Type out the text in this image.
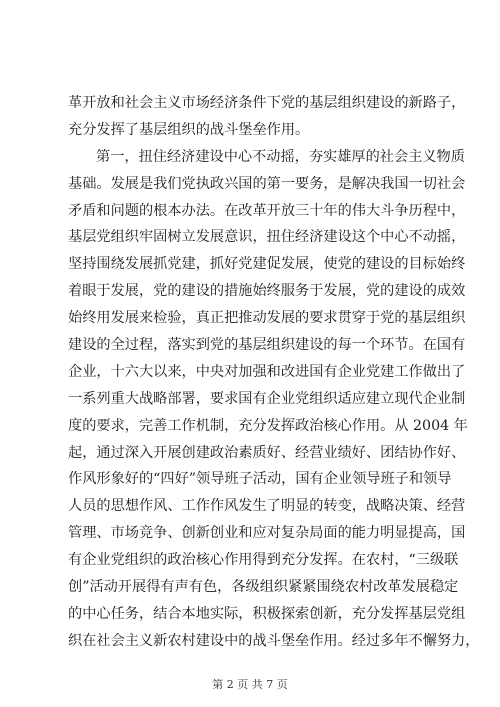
革开放和社会主义市场经济条件下党的基层组织建设的新路子，
充分发挥了基层组织的战斗堡垒作用。
第一，扭住经济建设中心不动摇，夯实雄厚的社会主义物质
基础。发展是我们党执政兴国的第一要务，是解决我国一切社会
矛盾和问题的根本办法。在改革开放三十年的伟大斗争历程中，
基层党组织牢固树立发展意识，扭住经济建设这个中心不动摇，
坚持围绕发展抓党建，抓好党建促发展，使党的建设的目标始终
着眼于发展，党的建设的措施始终服务于发展，党的建设的成效
始终用发展来检验，真正把推动发展的要求贯穿于党的基层组织
建设的全过程，落实到党的基层组织建设的每一个环节。在国有
企业，十六大以来，中央对加强和改进国有企业党建工作做出了
一系列重大战略部署，要求国有企业党组织适应建立现代企业制
度的要求，完善工作机制，充分发挥政治核心作用。从 2004 年
起，通过深入开展创建政治素质好、经营业绩好、团结协作好、
作风形象好的“四好”领导班子活动，国有企业领导班子和领导
人员的思想作风、工作作风发生了明显的转变，战略决策、经营
管理、市场竞争、创新创业和应对复杂局面的能力明显提高，国
有企业党组织的政治核心作用得到充分发挥。在农村，“三级联
创”活动开展得有声有色，各级组织紧紧围绕农村改革发展稳定
的中心任务，结合本地实际，积极探索创新，充分发挥基层党组
织在社会主义新农村建设中的战斗堡垒作用。经过多年不懈努力，
第 2 页 共 7 页
